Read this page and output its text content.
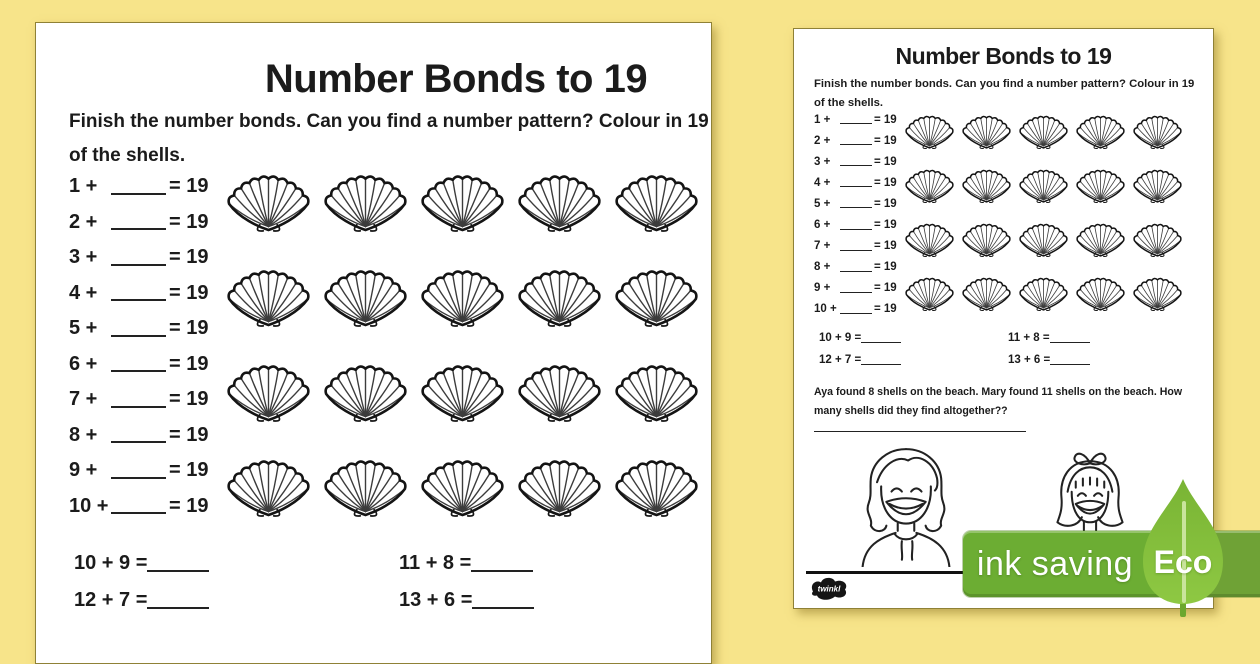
Number Bonds to 19
Finish the number bonds. Can you find a number pattern? Colour in 19 of the shells.
1 +	= 19
2 +	= 19
3 +	= 19
4 +	= 19
5 +	= 19
6 +	= 19
7 +	= 19
8 +	= 19
9 +	= 19
10 +	= 19
10 + 9 =
12 + 7 =
11 + 8 =
13 + 6 =
Number Bonds to 19
Finish the number bonds. Can you find a number pattern? Colour in 19 of the shells.
1 +	= 19
2 +	= 19
3 +	= 19
4 +	= 19
5 +	= 19
6 +	= 19
7 +	= 19
8 +	= 19
9 +	= 19
10 +	= 19
10 + 9 =
12 + 7 =
11 + 8 =
13 + 6 =
Aya found 8 shells on the beach. Mary found 11 shells on the beach. How many shells did they find altogether??
twinkl
ink saving Eco
